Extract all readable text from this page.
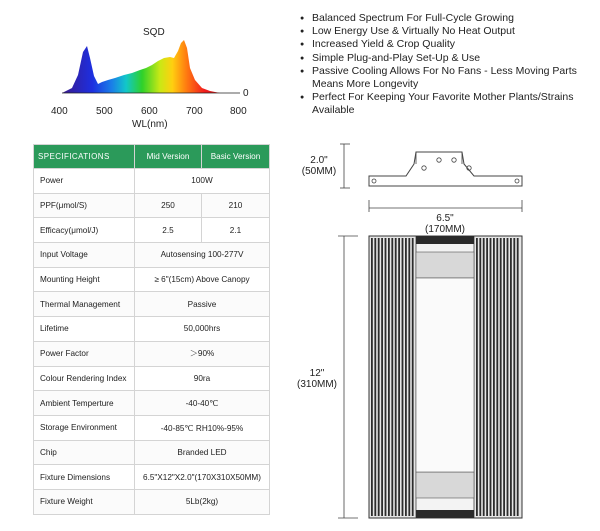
SQD
0
400	500	600	700	800
WL(nm)
● Balanced Spectrum For Full-Cycle Growing
● Low Energy Use & Virtually No Heat Output
● Increased Yield & Crop Quality
● Simple Plug-and-Play Set-Up & Use
● Passive Cooling Allows For No Fans - Less Moving Parts Means More Longevity
● Perfect For Keeping Your Favorite Mother Plants/Strains Available
SPECIFICATIONS	Mid Version	Basic Version
Power	100W	
PPF(μmol/S)	250	210
Efficacy(μmol/J)	2.5	2.1
Input Voltage	Autosensing 100-277V	
Mounting Height	≥ 6"(15cm) Above Canopy	
Thermal Management	Passive	
Lifetime	50,000hrs	
Power Factor	＞90%	
Colour Rendering Index	90ra	
Ambient Temperture	-40-40℃	
Storage Environment	-40-85℃ RH10%-95%	
Chip	Branded LED	
Fixture Dimensions	6.5"X12"X2.0"(170X310X50MM)	
Fixture Weight	5Lb(2kg)	
2.0"
(50MM)
6.5"
(170MM)
12"
(310MM)
